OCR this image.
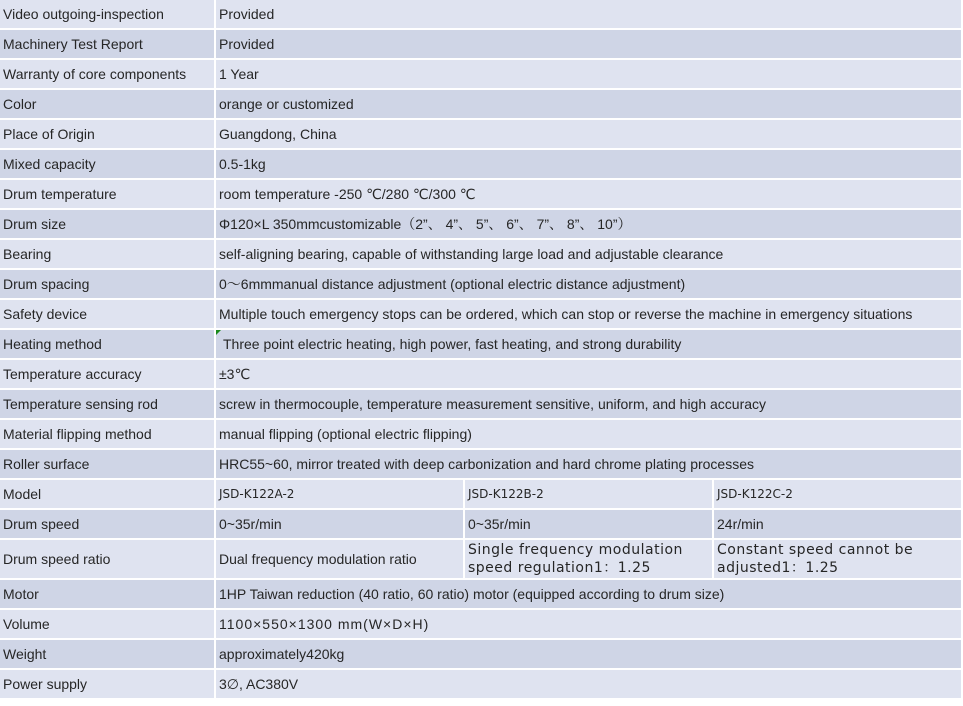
Video outgoing-inspection	Provided		
Machinery Test Report	Provided		
Warranty of core components	1 Year		
Color	orange or customized		
Place of Origin	Guangdong, China		
Mixed capacity	0.5-1kg		
Drum temperature	room temperature -250 ℃/280 ℃/300 ℃		
Drum size	Φ120×L 350mmcustomizable（2”、 4”、 5”、 6”、 7”、 8”、 10”）		
Bearing	self-aligning bearing, capable of withstanding large load and adjustable clearance		
Drum spacing	0～6mmmanual distance adjustment (optional electric distance adjustment)		
Safety device	Multiple touch emergency stops can be ordered, which can stop or reverse the machine in emergency situations		
Heating method	Three point electric heating, high power, fast heating, and strong durability		
Temperature accuracy	±3℃		
Temperature sensing rod	screw in thermocouple, temperature measurement sensitive, uniform, and high accuracy		
Material flipping method	manual flipping (optional electric flipping)		
Roller surface	HRC55~60, mirror treated with deep carbonization and hard chrome plating processes		
Model	JSD-K122A-2	JSD-K122B-2	JSD-K122C-2
Drum speed	0~35r/min	0~35r/min	24r/min
Drum speed ratio	Dual frequency modulation ratio	Single frequency modulation speed regulation1：1.25	Constant speed cannot be adjusted1：1.25
Motor	1HP Taiwan reduction (40 ratio, 60 ratio) motor (equipped according to drum size)		
Volume	1100×550×1300 mm(W×D×H)		
Weight	approximately420kg		
Power supply	3∅, AC380V		
